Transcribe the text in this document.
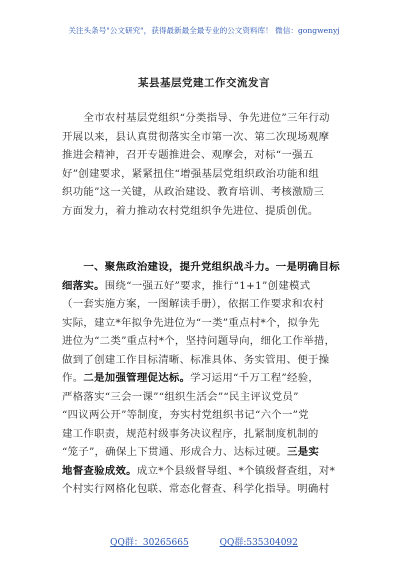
关注头条号"公文研究"，获得最新最全最专业的公文资料库！ 微信：gongwenyj
某县基层党建工作交流发言
　　全市农村基层党组织“分类指导、争先进位”三年行动
开展以来，县认真贯彻落实全市第一次、第二次现场观摩
推进会精神，召开专题推进会、观摩会，对标“一强五
好”创建要求，紧紧扭住“增强基层党组织政治功能和组
织功能”这一关键，从政治建设、教育培训、考核激励三
方面发力，着力推动农村党组织争先进位、提质创优。
　　一、聚焦政治建设，提升党组织战斗力。一是明确目标
细落实。围绕“一强五好”要求，推行“1+1”创建模式
（一套实施方案，一图解读手册），依据工作要求和农村
实际，建立*年拟争先进位为“一类”重点村*个，拟争先
进位为“二类”重点村*个，坚持问题导向，细化工作举措，
做到了创建工作目标清晰、标准具体、务实管用、便于操
作。二是加强管理促达标。学习运用“千万工程”经验，
严格落实“三会一课”“组织生活会”“民主评议党员”
“四议两公开”等制度，夯实村党组织书记“六个一”党
建工作职责，规范村级事务决议程序，扎紧制度机制的
“笼子”，确保上下贯通、形成合力、达标过硬。三是实
地督查验成效。成立*个县级督导组、*个镇级督查组，对*
个村实行网格化包联、常态化督查、科学化指导。明确村
QQ群：30265665	QQ群:535304092
